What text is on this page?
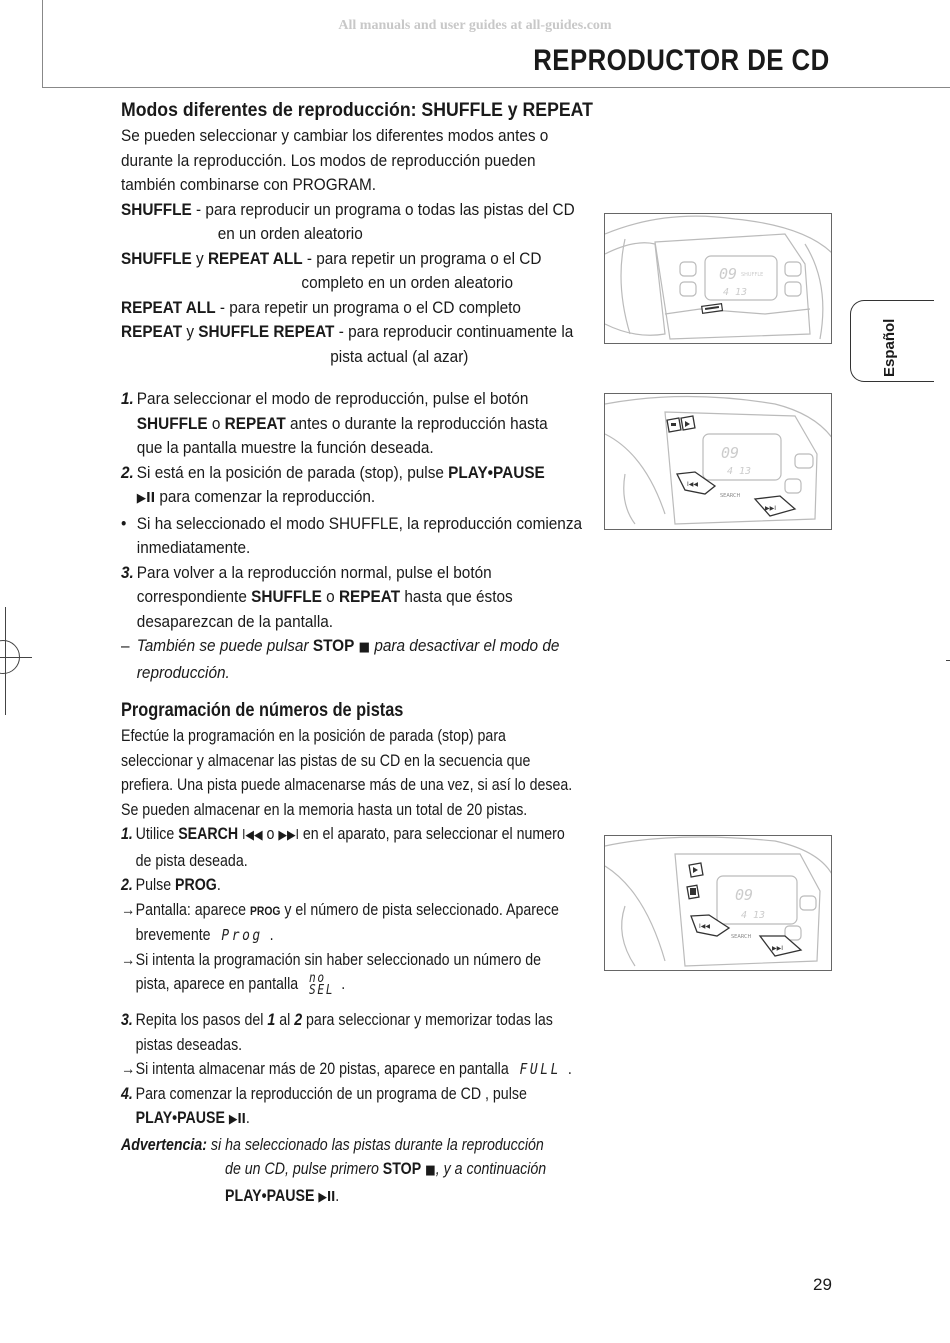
All manuals and user guides at all-guides.com
REPRODUCTOR DE CD
Español
Modos diferentes de reproducción: SHUFFLE y REPEAT

Se pueden seleccionar y cambiar los diferentes modos antes o

durante la reproducción. Los modos de reproducción pueden

también combinarse con PROGRAM.

SHUFFLE - para reproducir un programa o todas las pistas del CD

en un orden aleatorio

SHUFFLE y REPEAT ALL - para repetir un programa o el CD

completo en un orden aleatorio

REPEAT ALL - para repetir un programa o el CD completo

REPEAT y SHUFFLE REPEAT - para reproducir continuamente la

pista actual (al azar)

1. Para seleccionar el modo de reproducción, pulse el botón

SHUFFLE o REPEAT antes o durante la reproducción hasta

que la pantalla muestre la función deseada.

2. Si está en la posición de parada (stop), pulse PLAY•PAUSE

▶II para comenzar la reproducción.

• Si ha seleccionado el modo SHUFFLE, la reproducción comienza

inmediatamente.

3. Para volver a la reproducción normal, pulse el botón

correspondiente SHUFFLE o REPEAT hasta que éstos

desaparezcan de la pantalla.

– También se puede pulsar STOP ■ para desactivar el modo de

reproducción.

Programación de números de pistas

Efectúe la programación en la posición de parada (stop) para

seleccionar y almacenar las pistas de su CD en la secuencia que

prefiera. Una pista puede almacenarse más de una vez, si así lo desea.

Se pueden almacenar en la memoria hasta un total de 20 pistas.

1. Utilice SEARCH I◀◀ o ▶▶I en el aparato, para seleccionar el numero

de pista deseada.

2. Pulse PROG.

→Pantalla: aparece PROG y el número de pista seleccionado. Aparece

brevemente Prog .

→Si intenta la programación sin haber seleccionado un número de

pista, aparece en pantalla no
SEL .

3. Repita los pasos del 1 al 2 para seleccionar y memorizar todas las

pistas deseadas.

→Si intenta almacenar más de 20 pistas, aparece en pantalla FULL .

4. Para comenzar la reproducción de un programa de CD , pulse

PLAY•PAUSE ▶II.

Advertencia: si ha seleccionado las pistas durante la reproducción

de un CD, pulse primero STOP ■, y a continuación

PLAY•PAUSE ▶II.

09
4 13
SHUFFLE
09
4 13
I◀◀
▶▶I
SEARCH
09
4 13
I◀◀
▶▶I
SEARCH
29
